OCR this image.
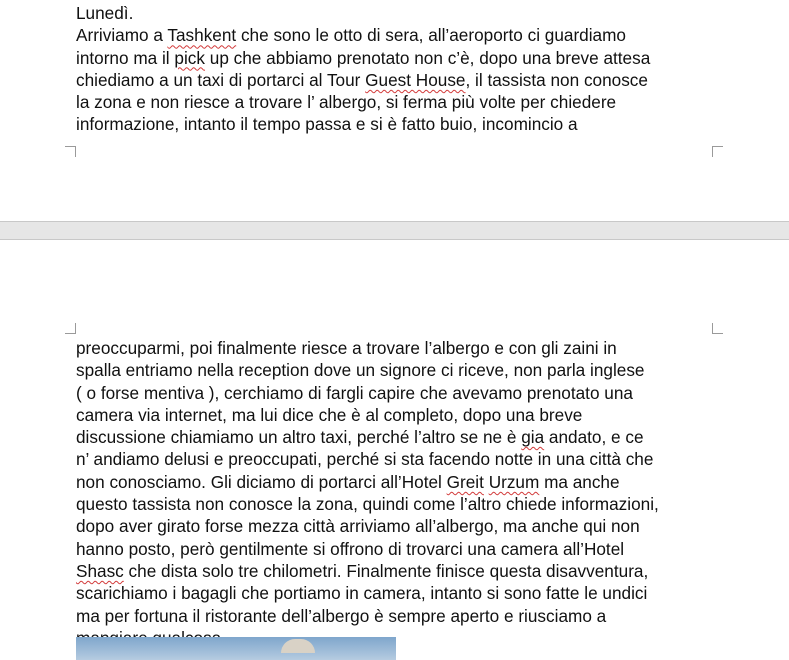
Lunedì.
Arriviamo a Tashkent che sono le otto di sera, all’aeroporto ci guardiamo
intorno ma il pick up che abbiamo prenotato non c’è, dopo una breve attesa
chiediamo a un taxi di portarci al Tour Guest House, il tassista non conosce
la zona e non riesce a trovare l’ albergo, si ferma più volte per chiedere
informazione, intanto il tempo passa e si è fatto buio, incomincio a
preoccuparmi, poi finalmente riesce a trovare l’albergo e con gli zaini in
spalla entriamo nella reception dove un signore ci riceve, non parla inglese
( o forse mentiva ), cerchiamo di fargli capire che avevamo prenotato una
camera via internet, ma lui dice che è al completo, dopo una breve
discussione chiamiamo un altro taxi, perché l’altro se ne è gia andato, e ce
n’ andiamo delusi e preoccupati, perché si sta facendo notte in una città che
non conosciamo. Gli diciamo di portarci all’Hotel Greit Urzum ma anche
questo tassista non conosce la zona, quindi come l’altro chiede informazioni,
dopo aver girato forse mezza città arriviamo all’albergo, ma anche qui non
hanno posto, però gentilmente si offrono di trovarci una camera all’Hotel
Shasc che dista solo tre chilometri. Finalmente finisce questa disavventura,
scarichiamo i bagagli che portiamo in camera, intanto si sono fatte le undici
ma per fortuna il ristorante dell’albergo è sempre aperto e riusciamo a
